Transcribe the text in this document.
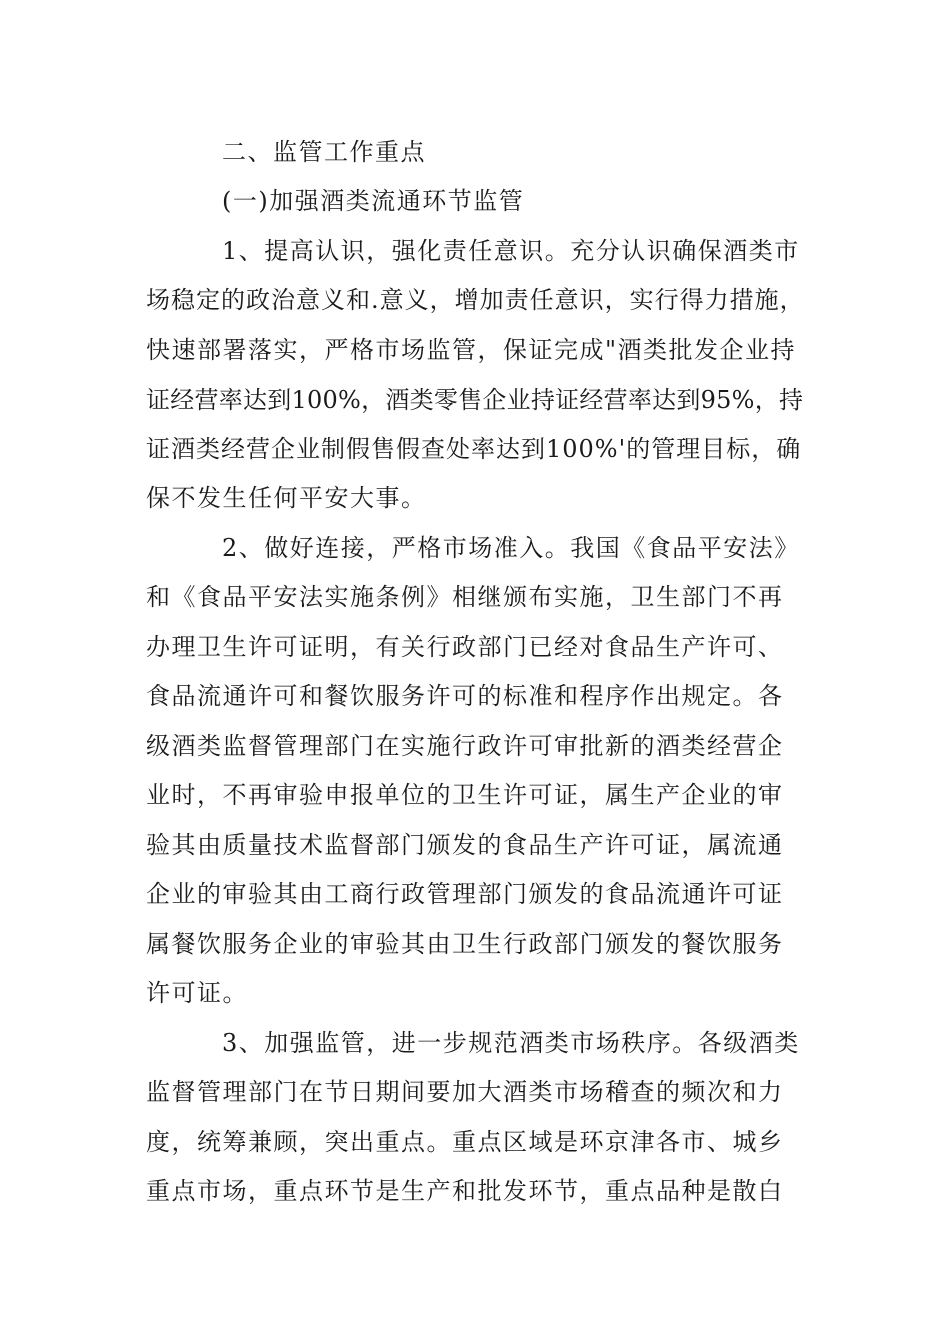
二、监管工作重点
(一)加强酒类流通环节监管
1、提高认识，强化责任意识。充分认识确保酒类市
场稳定的政治意义和.意义，增加责任意识，实行得力措施，
快速部署落实，严格市场监管，保证完成"酒类批发企业持
证经营率达到100%，酒类零售企业持证经营率达到95%，持
证酒类经营企业制假售假查处率达到100%'的管理目标，确
保不发生任何平安大事。
2、做好连接，严格市场准入。我国《食品平安法》
和《食品平安法实施条例》相继颁布实施，卫生部门不再
办理卫生许可证明，有关行政部门已经对食品生产许可、
食品流通许可和餐饮服务许可的标准和程序作出规定。各
级酒类监督管理部门在实施行政许可审批新的酒类经营企
业时，不再审验申报单位的卫生许可证，属生产企业的审
验其由质量技术监督部门颁发的食品生产许可证，属流通
企业的审验其由工商行政管理部门颁发的食品流通许可证
属餐饮服务企业的审验其由卫生行政部门颁发的餐饮服务
许可证。
3、加强监管，进一步规范酒类市场秩序。各级酒类
监督管理部门在节日期间要加大酒类市场稽查的频次和力
度，统筹兼顾，突出重点。重点区域是环京津各市、城乡
重点市场，重点环节是生产和批发环节，重点品种是散白
